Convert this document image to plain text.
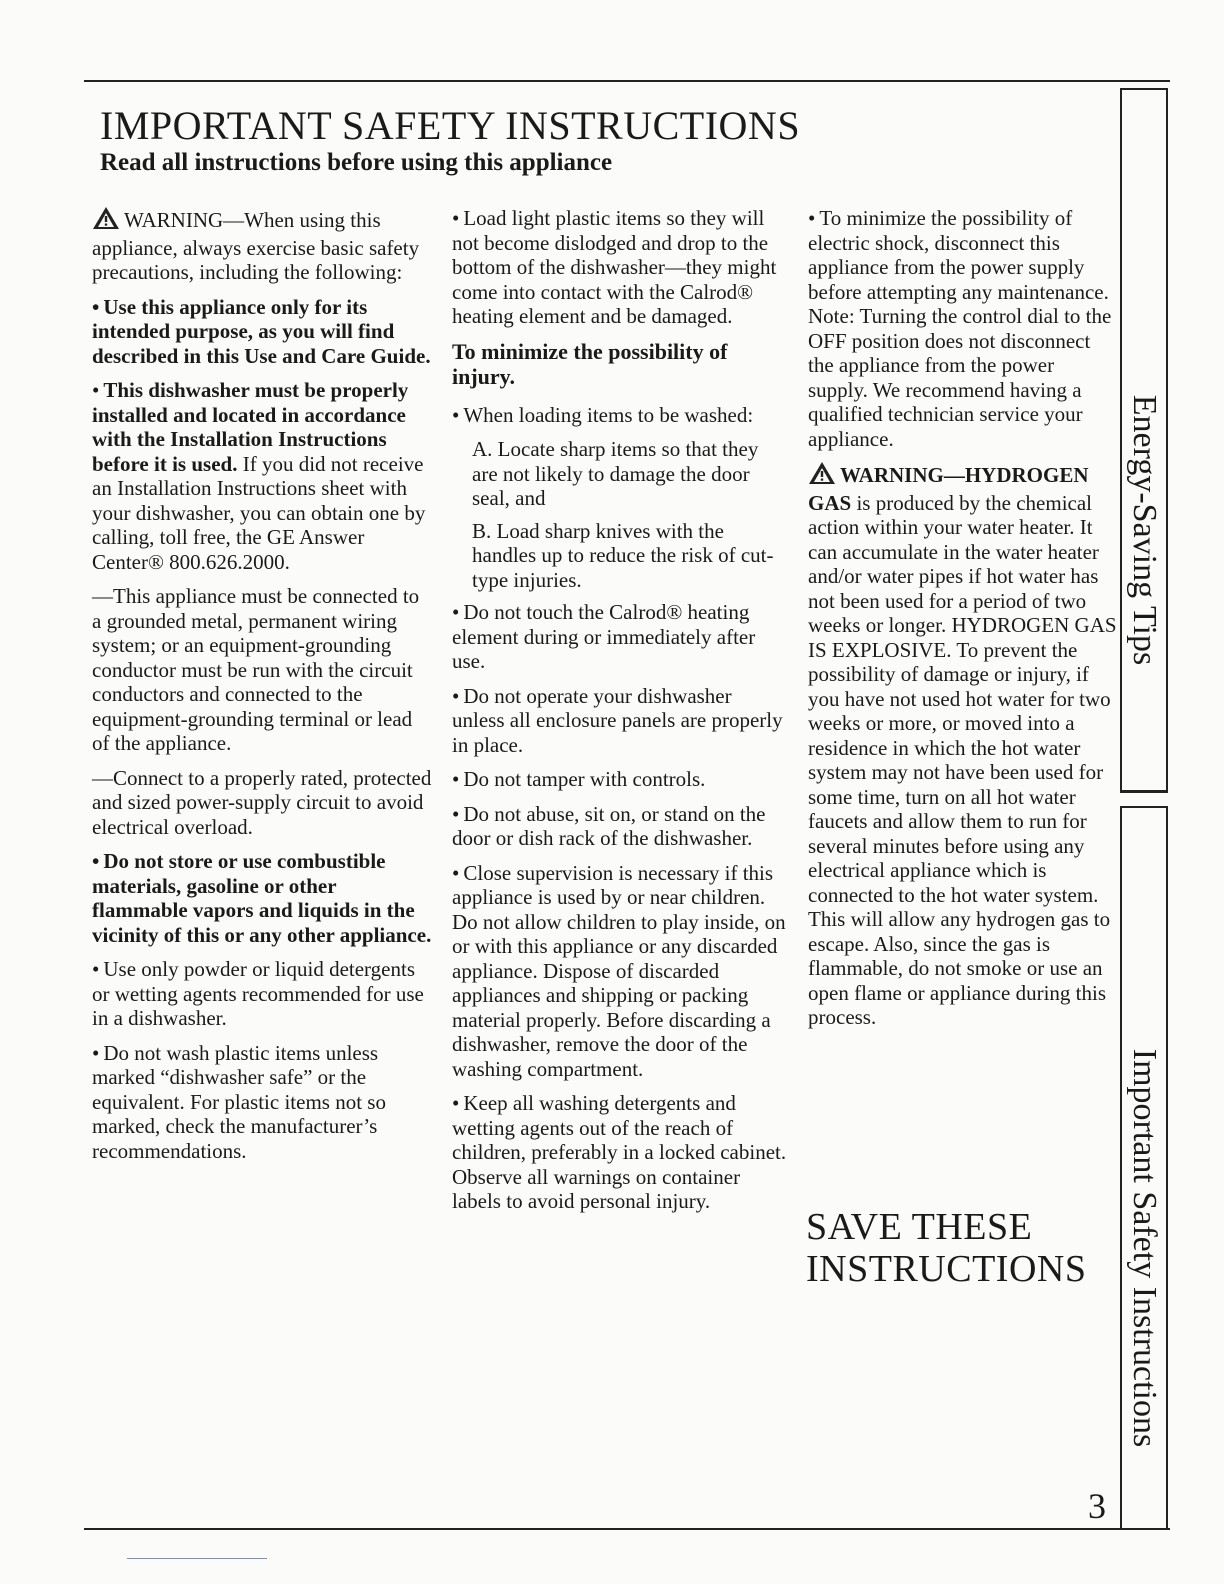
IMPORTANT SAFETY INSTRUCTIONS
Read all instructions before using this appliance

WARNING—When using this appliance, always exercise basic safety precautions, including the following:

• Use this appliance only for its intended purpose, as you will find described in this Use and Care Guide.

• This dishwasher must be properly installed and located in accordance with the Installation Instructions before it is used. If you did not receive an Installation Instructions sheet with your dishwasher, you can obtain one by calling, toll free, the GE Answer Center® 800.626.2000.

—This appliance must be connected to a grounded metal, permanent wiring system; or an equipment-grounding conductor must be run with the circuit conductors and connected to the equipment-grounding terminal or lead of the appliance.

—Connect to a properly rated, protected and sized power-supply circuit to avoid electrical overload.

• Do not store or use combustible materials, gasoline or other flammable vapors and liquids in the vicinity of this or any other appliance.

• Use only powder or liquid detergents or wetting agents recommended for use in a dishwasher.

• Do not wash plastic items unless marked “dishwasher safe” or the equivalent. For plastic items not so marked, check the manufacturer’s recommendations.

• Load light plastic items so they will not become dislodged and drop to the bottom of the dishwasher—they might come into contact with the Calrod® heating element and be damaged.

To minimize the possibility of injury.

• When loading items to be washed:

A. Locate sharp items so that they are not likely to damage the door seal, and

B. Load sharp knives with the handles up to reduce the risk of cut-type injuries.

• Do not touch the Calrod® heating element during or immediately after use.

• Do not operate your dishwasher unless all enclosure panels are properly in place.

• Do not tamper with controls.

• Do not abuse, sit on, or stand on the door or dish rack of the dishwasher.

• Close supervision is necessary if this appliance is used by or near children. Do not allow children to play inside, on or with this appliance or any discarded appliance. Dispose of discarded appliances and shipping or packing material properly. Before discarding a dishwasher, remove the door of the washing compartment.

• Keep all washing detergents and wetting agents out of the reach of children, preferably in a locked cabinet. Observe all warnings on container labels to avoid personal injury.

• To minimize the possibility of electric shock, disconnect this appliance from the power supply before attempting any maintenance. Note: Turning the control dial to the OFF position does not disconnect the appliance from the power supply. We recommend having a qualified technician service your appliance.

WARNING—HYDROGEN GAS is produced by the chemical action within your water heater. It can accumulate in the water heater and/or water pipes if hot water has not been used for a period of two weeks or longer. HYDROGEN GAS IS EXPLOSIVE. To prevent the possibility of damage or injury, if you have not used hot water for two weeks or more, or moved into a residence in which the hot water system may not have been used for some time, turn on all hot water faucets and allow them to run for several minutes before using any electrical appliance which is connected to the hot water system. This will allow any hydrogen gas to escape. Also, since the gas is flammable, do not smoke or use an open flame or appliance during this process.

SAVE THESE
INSTRUCTIONS
Energy-Saving Tips
Important Safety Instructions
3
